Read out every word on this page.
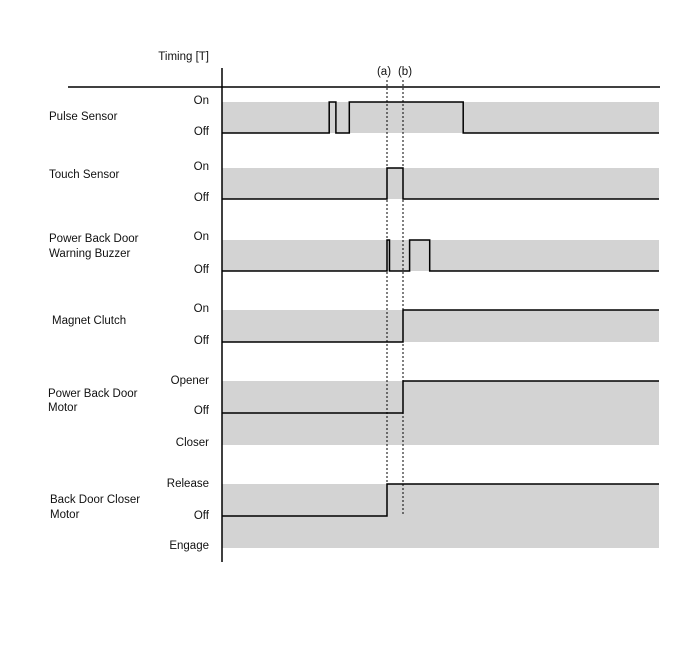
Timing [T]
(a) (b)
Pulse Sensor
On
Off
Touch Sensor
On
Off
Power Back Door
Warning Buzzer
On
Off
Magnet Clutch
On
Off
Power Back Door
Motor
Opener
Off
Closer
Back Door Closer
Motor
Release
Off
Engage
